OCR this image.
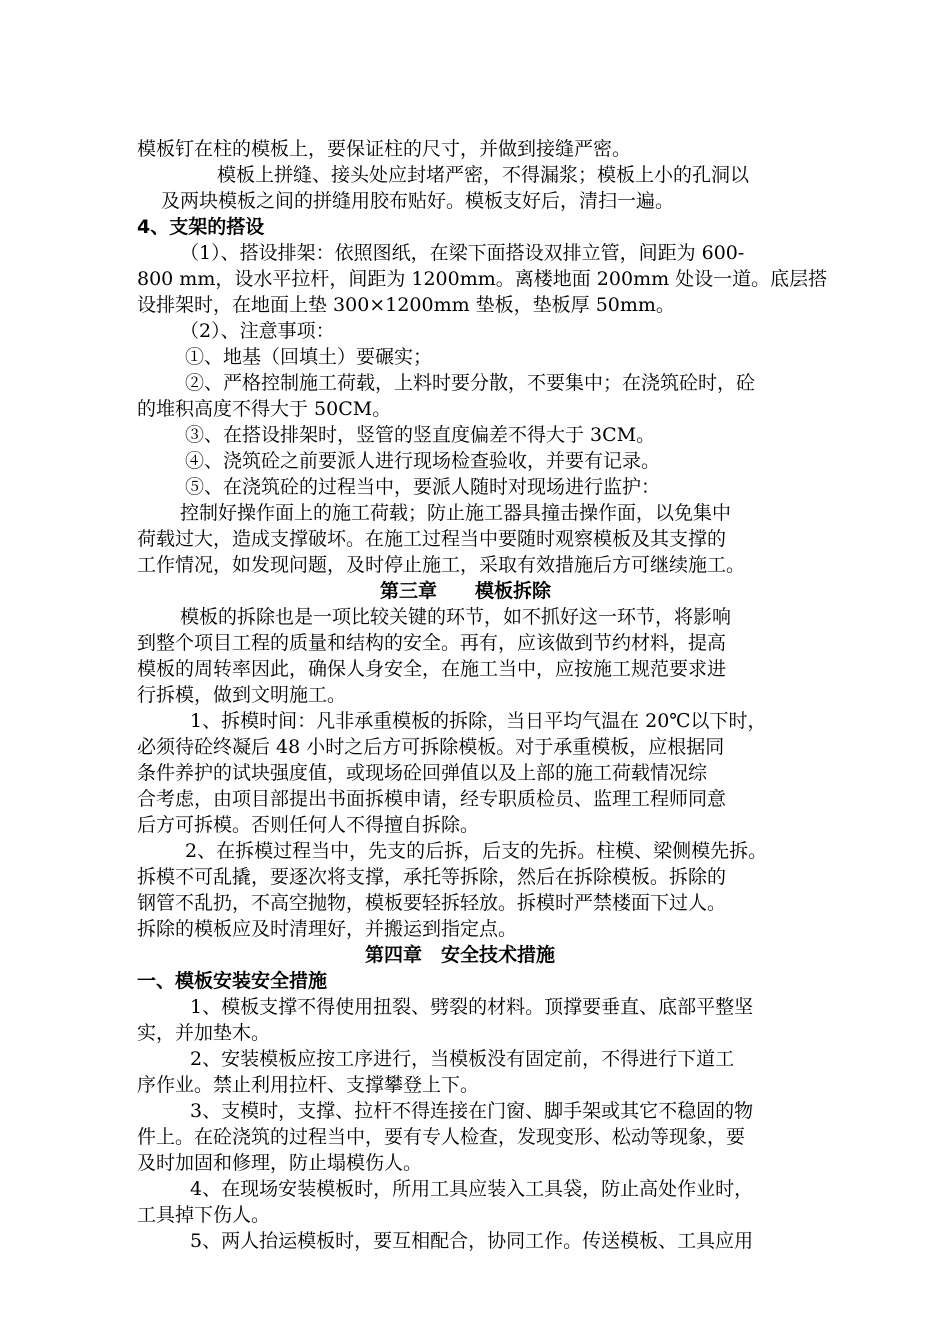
模板钉在柱的模板上，要保证柱的尺寸，并做到接缝严密。
模板上拼缝、接头处应封堵严密，不得漏浆；模板上小的孔洞以
及两块模板之间的拼缝用胶布贴好。模板支好后，清扫一遍。
4、支架的搭设
（1）、搭设排架：依照图纸，在梁下面搭设双排立管，间距为 600-
800 mm，设水平拉杆，间距为 1200mm。离楼地面 200mm 处设一道。底层搭
设排架时，在地面上垫 300×1200mm 垫板，垫板厚 50mm。
（2）、注意事项：
①、地基（回填土）要碾实；
②、严格控制施工荷载，上料时要分散，不要集中；在浇筑砼时，砼
的堆积高度不得大于 50CM。
③、在搭设排架时，竖管的竖直度偏差不得大于 3CM。
④、浇筑砼之前要派人进行现场检查验收，并要有记录。
⑤、在浇筑砼的过程当中，要派人随时对现场进行监护：
控制好操作面上的施工荷载；防止施工器具撞击操作面，以免集中
荷载过大，造成支撑破坏。在施工过程当中要随时观察模板及其支撑的
工作情况，如发现问题，及时停止施工，采取有效措施后方可继续施工。
第三章　　模板拆除
模板的拆除也是一项比较关键的环节，如不抓好这一环节，将影响
到整个项目工程的质量和结构的安全。再有，应该做到节约材料，提高
模板的周转率因此，确保人身安全，在施工当中，应按施工规范要求进
行拆模，做到文明施工。
1、拆模时间：凡非承重模板的拆除，当日平均气温在 20℃以下时，
必须待砼终凝后 48 小时之后方可拆除模板。对于承重模板，应根据同
条件养护的试块强度值，或现场砼回弹值以及上部的施工荷载情况综
合考虑，由项目部提出书面拆模申请，经专职质检员、监理工程师同意
后方可拆模。否则任何人不得擅自拆除。
2、在拆模过程当中，先支的后拆，后支的先拆。柱模、梁侧模先拆。
拆模不可乱撬，要逐次将支撑，承托等拆除，然后在拆除模板。拆除的
钢管不乱扔，不高空抛物，模板要轻拆轻放。拆模时严禁楼面下过人。
拆除的模板应及时清理好，并搬运到指定点。
第四章　安全技术措施
一、模板安装安全措施
1、模板支撑不得使用扭裂、劈裂的材料。顶撑要垂直、底部平整坚
实，并加垫木。
2、安装模板应按工序进行，当模板没有固定前，不得进行下道工
序作业。禁止利用拉杆、支撑攀登上下。
3、支模时，支撑、拉杆不得连接在门窗、脚手架或其它不稳固的物
件上。在砼浇筑的过程当中，要有专人检查，发现变形、松动等现象，要
及时加固和修理，防止塌模伤人。
4、在现场安装模板时，所用工具应装入工具袋，防止高处作业时，
工具掉下伤人。
5、两人抬运模板时，要互相配合，协同工作。传送模板、工具应用
